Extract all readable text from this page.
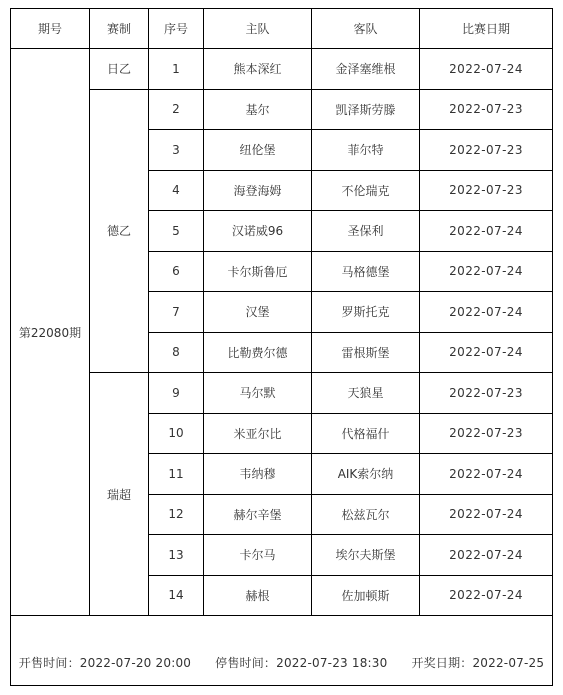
期号	赛制	序号	主队	客队	比赛日期
第22080期	日乙	1	熊本深红	金泽塞维根	2022-07-24
	德乙	2	基尔	凯泽斯劳滕	2022-07-23
		3	纽伦堡	菲尔特	2022-07-23
		4	海登海姆	不伦瑞克	2022-07-23
		5	汉诺威96	圣保利	2022-07-24
		6	卡尔斯鲁厄	马格德堡	2022-07-24
		7	汉堡	罗斯托克	2022-07-24
		8	比勒费尔德	雷根斯堡	2022-07-24
	瑞超	9	马尔默	天狼星	2022-07-23
		10	米亚尔比	代格福什	2022-07-23
		11	韦纳穆	AIK索尔纳	2022-07-24
		12	赫尔辛堡	松兹瓦尔	2022-07-24
		13	卡尔马	埃尔夫斯堡	2022-07-24
		14	赫根	佐加顿斯	2022-07-24

开售时间：2022-07-20 20:00 停售时间：2022-07-23 18:30 开奖日期：2022-07-25					
